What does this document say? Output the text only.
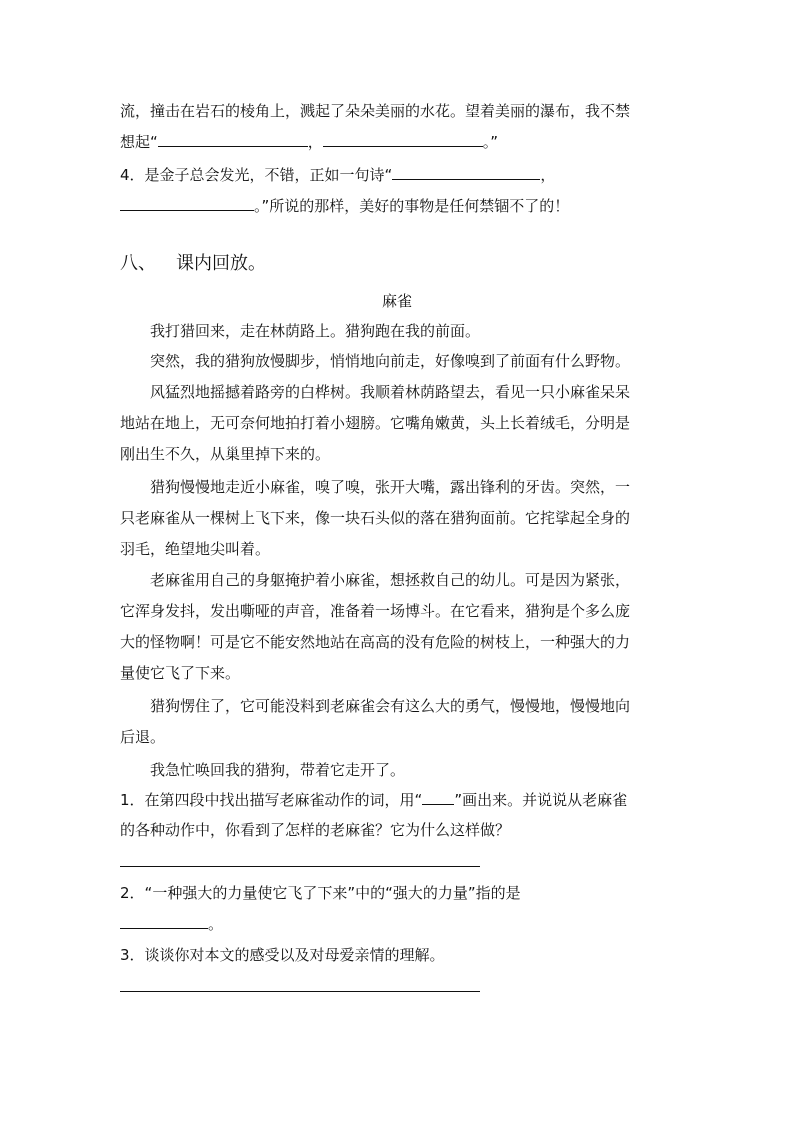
流，撞击在岩石的棱角上，溅起了朵朵美丽的水花。望着美丽的瀑布，我不禁
想起“	，	。”
4．是金子总会发光，不错，正如一句诗“	，
。”所说的那样，美好的事物是任何禁锢不了的！
八、 课内回放。
麻雀
我打猎回来，走在林荫路上。猎狗跑在我的前面。
突然，我的猎狗放慢脚步，悄悄地向前走，好像嗅到了前面有什么野物。
风猛烈地摇撼着路旁的白桦树。我顺着林荫路望去，看见一只小麻雀呆呆
地站在地上，无可奈何地拍打着小翅膀。它嘴角嫩黄，头上长着绒毛，分明是
刚出生不久，从巢里掉下来的。
猎狗慢慢地走近小麻雀，嗅了嗅，张开大嘴，露出锋利的牙齿。突然，一
只老麻雀从一棵树上飞下来，像一块石头似的落在猎狗面前。它挓挲起全身的
羽毛，绝望地尖叫着。
老麻雀用自己的身躯掩护着小麻雀，想拯救自己的幼儿。可是因为紧张，
它浑身发抖，发出嘶哑的声音，准备着一场博斗。在它看来，猎狗是个多么庞
大的怪物啊！可是它不能安然地站在高高的没有危险的树枝上，一种强大的力
量使它飞了下来。
猎狗愣住了，它可能没料到老麻雀会有这么大的勇气，慢慢地，慢慢地向
后退。
我急忙唤回我的猎狗，带着它走开了。
1．在第四段中找出描写老麻雀动作的词，用“ ”画出来。并说说从老麻雀
的各种动作中，你看到了怎样的老麻雀？它为什么这样做？
2．“一种强大的力量使它飞了下来”中的“强大的力量”指的是
。
3．谈谈你对本文的感受以及对母爱亲情的理解。
